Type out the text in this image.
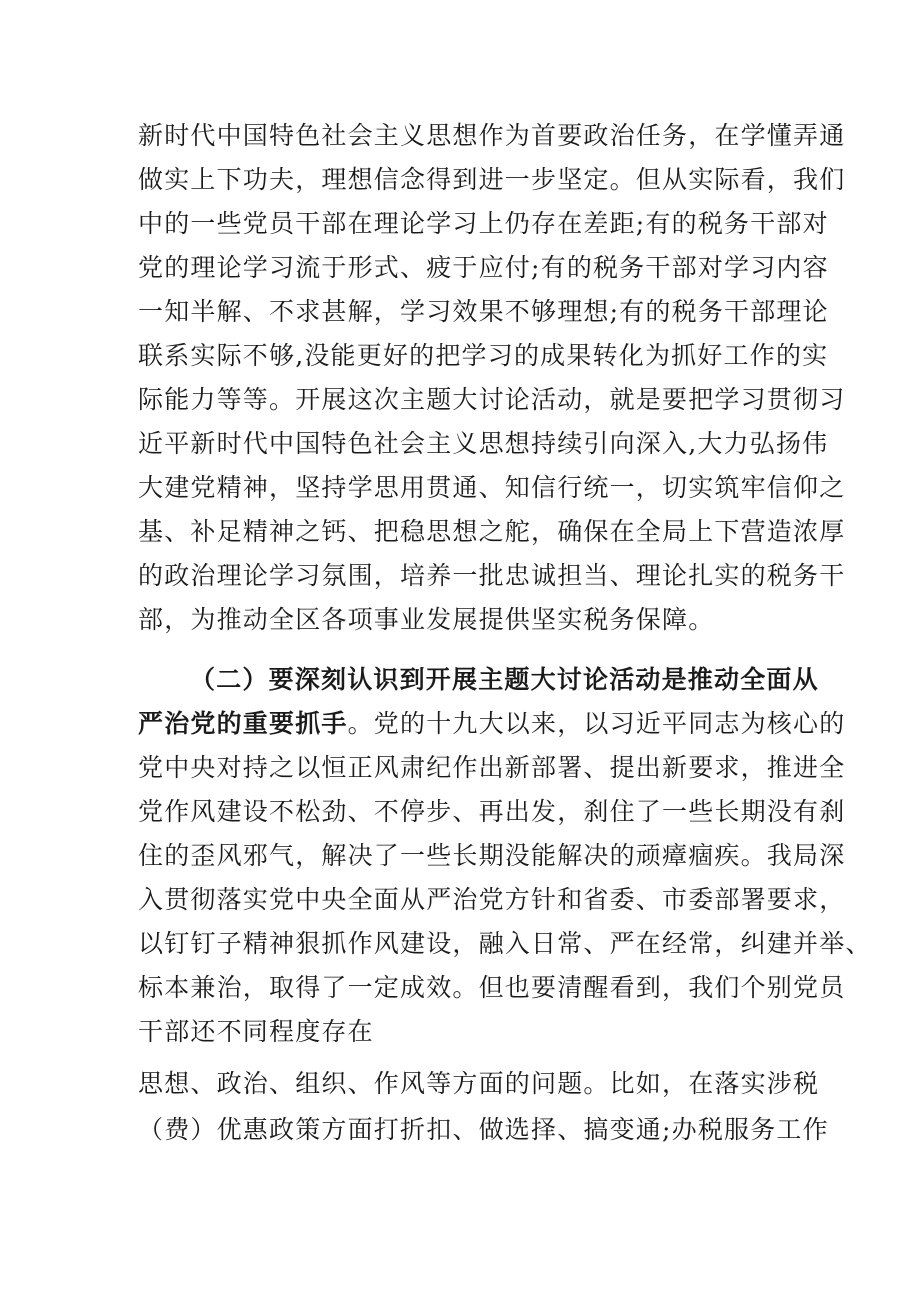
新时代中国特色社会主义思想作为首要政治任务，在学懂弄通
做实上下功夫，理想信念得到进一步坚定。但从实际看，我们
中的一些党员干部在理论学习上仍存在差距;有的税务干部对
党的理论学习流于形式、疲于应付;有的税务干部对学习内容
一知半解、不求甚解，学习效果不够理想;有的税务干部理论
联系实际不够,没能更好的把学习的成果转化为抓好工作的实
际能力等等。开展这次主题大讨论活动，就是要把学习贯彻习
近平新时代中国特色社会主义思想持续引向深入,大力弘扬伟
大建党精神，坚持学思用贯通、知信行统一，切实筑牢信仰之
基、补足精神之钙、把稳思想之舵，确保在全局上下营造浓厚
的政治理论学习氛围，培养一批忠诚担当、理论扎实的税务干
部，为推动全区各项事业发展提供坚实税务保障。
（二）要深刻认识到开展主题大讨论活动是推动全面从
严治党的重要抓手。党的十九大以来，以习近平同志为核心的
党中央对持之以恒正风肃纪作出新部署、提出新要求，推进全
党作风建设不松劲、不停步、再出发，刹住了一些长期没有刹
住的歪风邪气，解决了一些长期没能解决的顽瘴痼疾。我局深
入贯彻落实党中央全面从严治党方针和省委、市委部署要求，
以钉钉子精神狠抓作风建设，融入日常、严在经常，纠建并举、
标本兼治，取得了一定成效。但也要清醒看到，我们个别党员
干部还不同程度存在
思想、政治、组织、作风等方面的问题。比如，在落实涉税
（费）优惠政策方面打折扣、做选择、搞变通;办税服务工作
